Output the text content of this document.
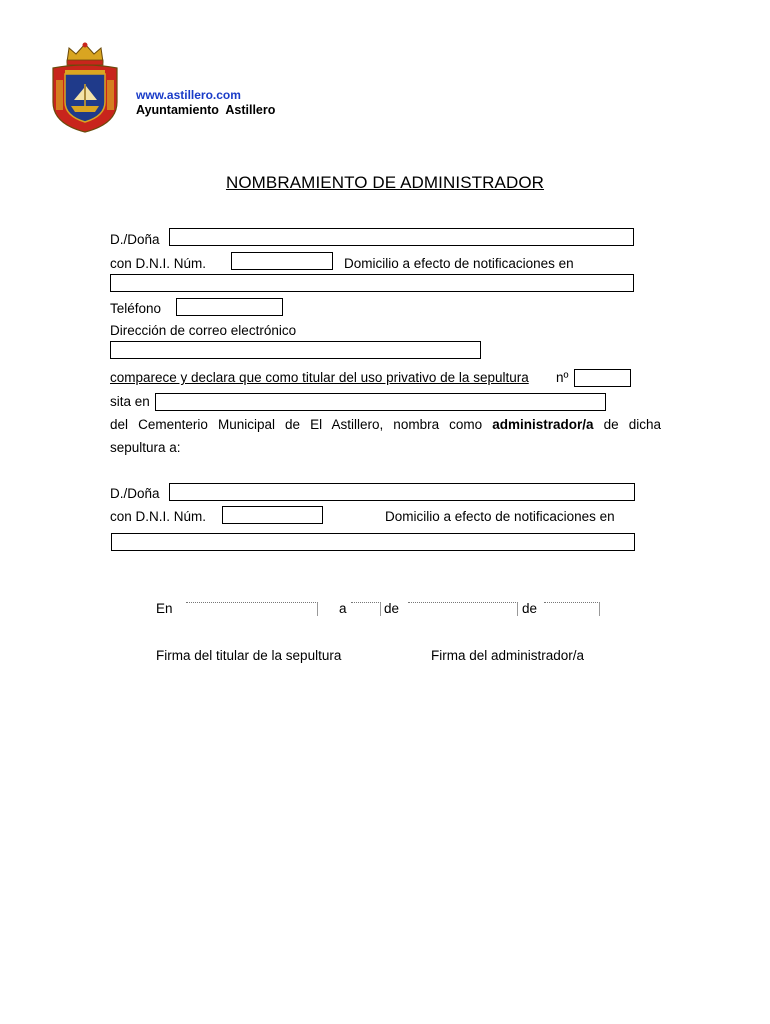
www.astillero.com
Ayuntamiento  Astillero
NOMBRAMIENTO DE ADMINISTRADOR
D./Doña
con D.N.I. Núm.	Domicilio a efecto de notificaciones en
Teléfono
Dirección de correo electrónico
comparece y declara que como titular del uso privativo de la sepultura nº
sita en
del Cementerio Municipal de El Astillero, nombra como administrador/a de dicha
sepultura a:
D./Doña
con D.N.I. Núm.	Domicilio a efecto de notificaciones en
En	a	de	de
Firma del titular de la sepultura	Firma del administrador/a
